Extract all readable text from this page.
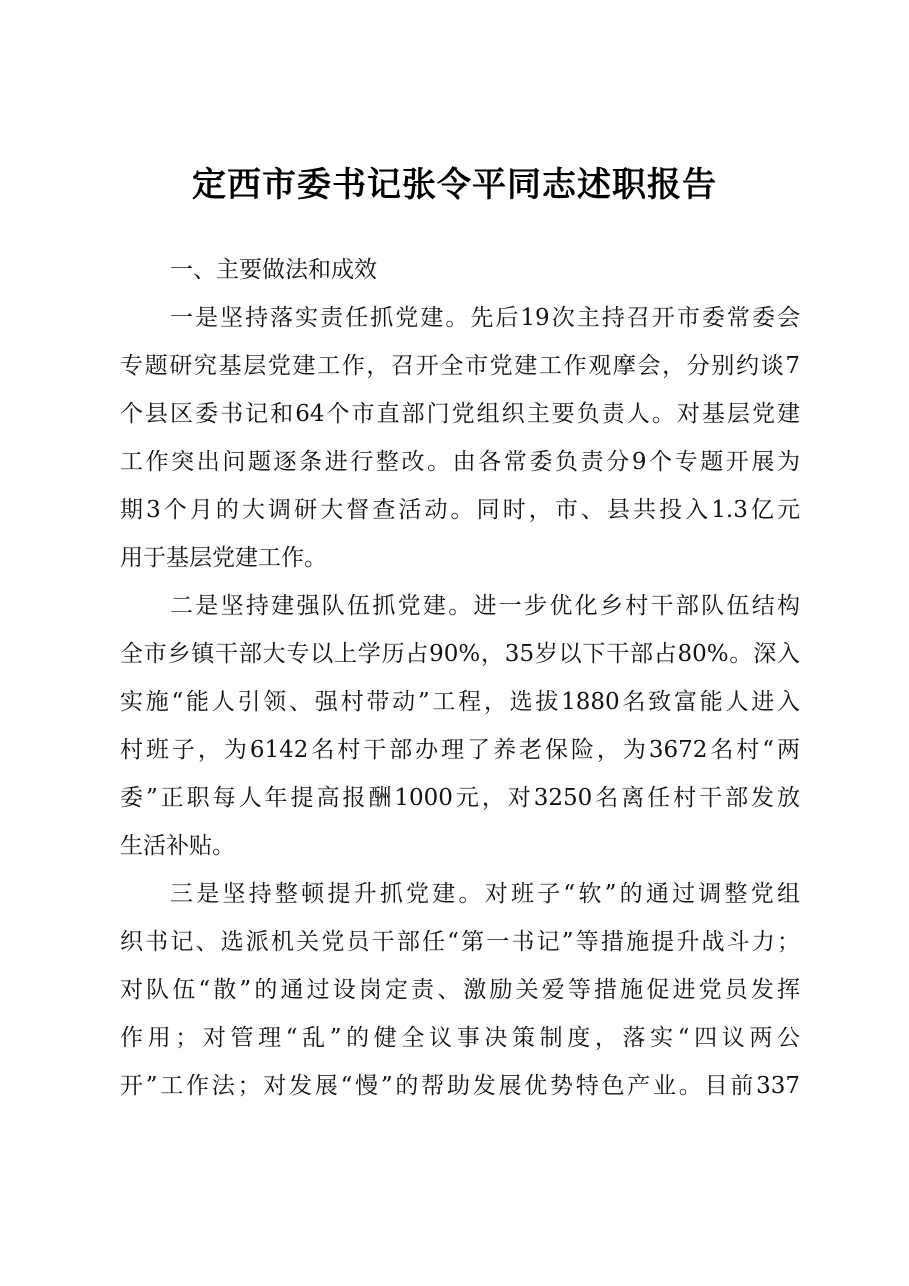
定西市委书记张令平同志述职报告
一、主要做法和成效
一是坚持落实责任抓党建。先后19次主持召开市委常委会
专题研究基层党建工作，召开全市党建工作观摩会，分别约谈7
个县区委书记和64个市直部门党组织主要负责人。对基层党建
工作突出问题逐条进行整改。由各常委负责分9个专题开展为
期3个月的大调研大督查活动。同时，市、县共投入1.3亿元
用于基层党建工作。
二是坚持建强队伍抓党建。进一步优化乡村干部队伍结构
全市乡镇干部大专以上学历占90%，35岁以下干部占80%。深入
实施“能人引领、强村带动”工程，选拔1880名致富能人进入
村班子，为6142名村干部办理了养老保险，为3672名村“两
委”正职每人年提高报酬1000元，对3250名离任村干部发放
生活补贴。
三是坚持整顿提升抓党建。对班子“软”的通过调整党组
织书记、选派机关党员干部任“第一书记”等措施提升战斗力；
对队伍“散”的通过设岗定责、激励关爱等措施促进党员发挥
作用；对管理“乱”的健全议事决策制度，落实“四议两公
开”工作法；对发展“慢”的帮助发展优势特色产业。目前337
